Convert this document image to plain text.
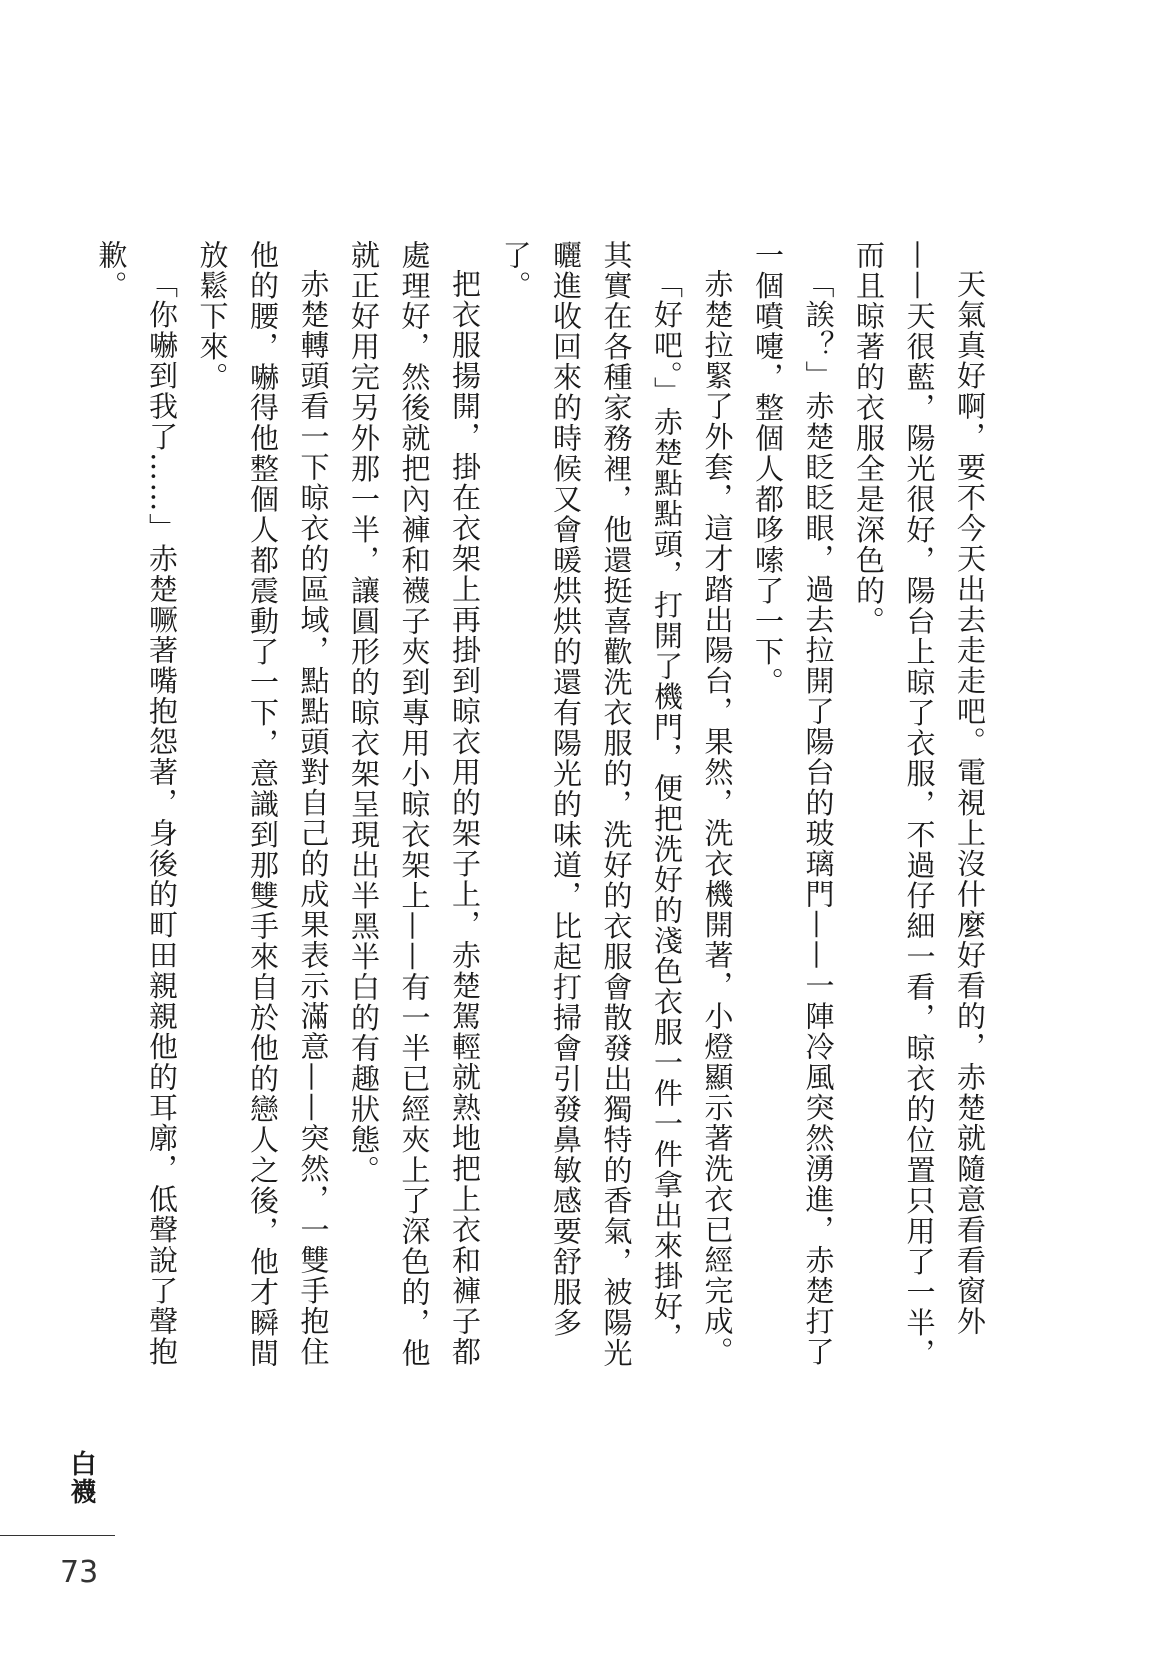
天氣真好啊，要不今天出去走走吧。電視上沒什麼好看的，赤楚就隨意看看窗外——天很藍，陽光很好，陽台上晾了衣服，不過仔細一看，晾衣的位置只用了一半，而且晾著的衣服全是深色的。

「誒？」赤楚眨眨眼，過去拉開了陽台的玻璃門——一陣冷風突然湧進，赤楚打了一個噴嚏，整個人都哆嗦了一下。

赤楚拉緊了外套，這才踏出陽台，果然，洗衣機開著，小燈顯示著洗衣已經完成。

「好吧。」赤楚點點頭，打開了機門，便把洗好的淺色衣服一件一件拿出來掛好，其實在各種家務裡，他還挺喜歡洗衣服的，洗好的衣服會散發出獨特的香氣，被陽光曬進收回來的時候又會暖烘烘的還有陽光的味道，比起打掃會引發鼻敏感要舒服多了。

把衣服揚開，掛在衣架上再掛到晾衣用的架子上，赤楚駕輕就熟地把上衣和褲子都處理好，然後就把內褲和襪子夾到專用小晾衣架上——有一半已經夾上了深色的，他就正好用完另外那一半，讓圓形的晾衣架呈現出半黑半白的有趣狀態。

赤楚轉頭看一下晾衣的區域，點點頭對自己的成果表示滿意——突然，一雙手抱住他的腰，嚇得他整個人都震動了一下，意識到那雙手來自於他的戀人之後，他才瞬間放鬆下來。

「你嚇到我了……」赤楚噘著嘴抱怨著，身後的町田親親他的耳廓，低聲說了聲抱歉。

白襪
73
